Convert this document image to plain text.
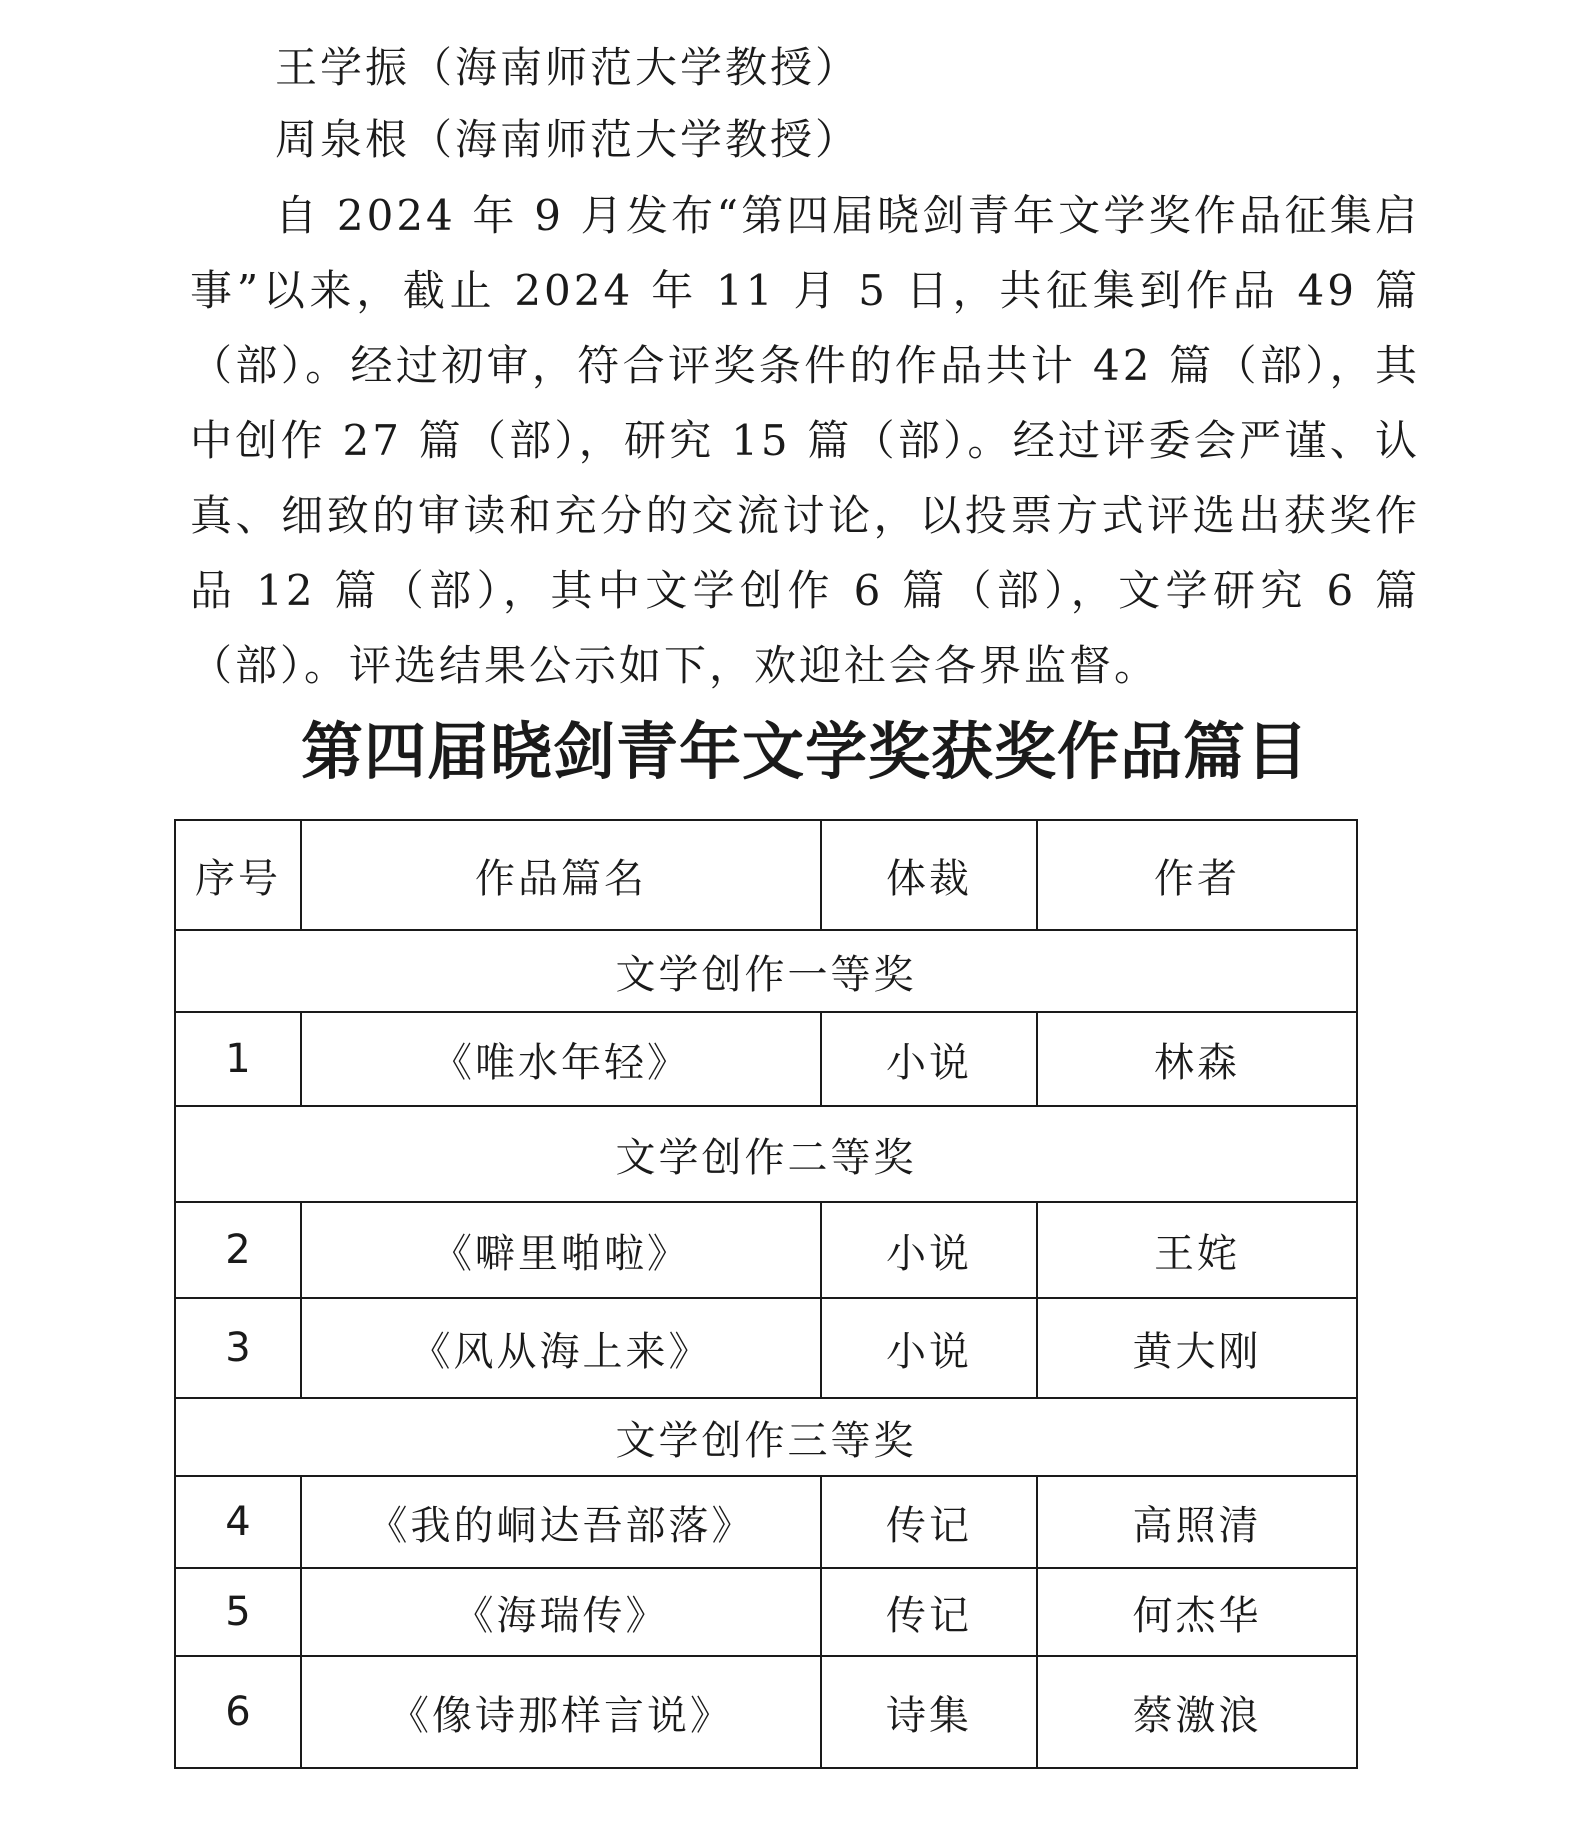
王学振（海南师范大学教授）
周泉根（海南师范大学教授）
自 2024 年 9 月发布“第四届晓剑青年文学奖作品征集启事”以来，截止 2024 年 11 月 5 日，共征集到作品 49 篇（部）。经过初审，符合评奖条件的作品共计 42 篇（部），其中创作 27 篇（部），研究 15 篇（部）。经过评委会严谨、认真、细致的审读和充分的交流讨论，以投票方式评选出获奖作品 12 篇（部），其中文学创作 6 篇（部），文学研究 6 篇（部）。评选结果公示如下，欢迎社会各界监督。
第四届晓剑青年文学奖获奖作品篇目
序号	作品篇名	体裁	作者
文学创作一等奖			
1	《唯水年轻》	小说	林森
文学创作二等奖			
2	《噼里啪啦》	小说	王姹
3	《风从海上来》	小说	黄大刚
文学创作三等奖			
4	《我的峒达吾部落》	传记	高照清
5	《海瑞传》	传记	何杰华
6	《像诗那样言说》	诗集	蔡激浪
